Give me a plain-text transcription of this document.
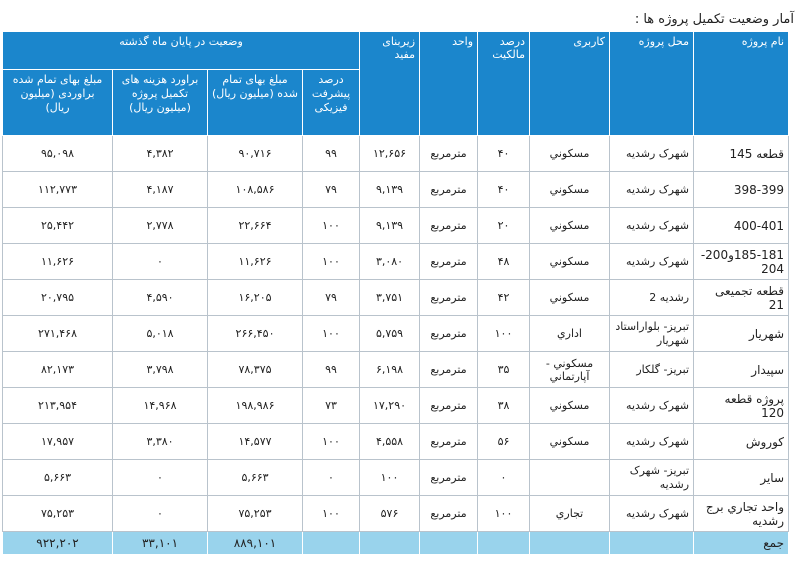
آمار وضعیت تکمیل پروژه ها :
نام پروژه	محل پروژه	کاربری	درصد مالکیت	واحد	زیربنای مفید	وضعیت در پایان ماه گذشته			
						درصد پیشرفت فیزیکی	مبلغ بهای تمام شده (میلیون ریال)	براورد هزینه های تکمیل پروژه (میلیون ریال)	مبلغ بهای تمام شده براوردی (میلیون ریال)
قطعه 145	شهرک رشدیه	مسكوني	۴۰	مترمربع	۱۲,۶۵۶	۹۹	۹۰,۷۱۶	۴,۳۸۲	۹۵,۰۹۸
398-399	شهرک رشدیه	مسكوني	۴۰	مترمربع	۹,۱۳۹	۷۹	۱۰۸,۵۸۶	۴,۱۸۷	۱۱۲,۷۷۳
400-401	شهرک رشدیه	مسكوني	۲۰	مترمربع	۹,۱۳۹	۱۰۰	۲۲,۶۶۴	۲,۷۷۸	۲۵,۴۴۲
185-181و200-204	شهرک رشدیه	مسكوني	۴۸	مترمربع	۳,۰۸۰	۱۰۰	۱۱,۶۲۶	۰	۱۱,۶۲۶
قطعه تجمیعی 21	رشدیه 2	مسكوني	۴۲	مترمربع	۳,۷۵۱	۷۹	۱۶,۲۰۵	۴,۵۹۰	۲۰,۷۹۵
شهریار	تبریز- بلواراستاد شهریار	اداري	۱۰۰	مترمربع	۵,۷۵۹	۱۰۰	۲۶۶,۴۵۰	۵,۰۱۸	۲۷۱,۴۶۸
سپیدار	تبریز- گلکار	مسكوني - آپارتماني	۳۵	مترمربع	۶,۱۹۸	۹۹	۷۸,۳۷۵	۳,۷۹۸	۸۲,۱۷۳
پروژه قطعه 120	شهرک رشدیه	مسكوني	۳۸	مترمربع	۱۷,۲۹۰	۷۳	۱۹۸,۹۸۶	۱۴,۹۶۸	۲۱۳,۹۵۴
کوروش	شهرک رشدیه	مسكوني	۵۶	مترمربع	۴,۵۵۸	۱۰۰	۱۴,۵۷۷	۳,۳۸۰	۱۷,۹۵۷
سایر	تبریز- شهرک رشدیه		۰	مترمربع	۱۰۰	۰	۵,۶۶۳	۰	۵,۶۶۳
واحد تجاري برج رشدیه	شهرک رشدیه	تجاري	۱۰۰	مترمربع	۵۷۶	۱۰۰	۷۵,۲۵۳	۰	۷۵,۲۵۳
جمع							۸۸۹,۱۰۱	۳۳,۱۰۱	۹۲۲,۲۰۲
